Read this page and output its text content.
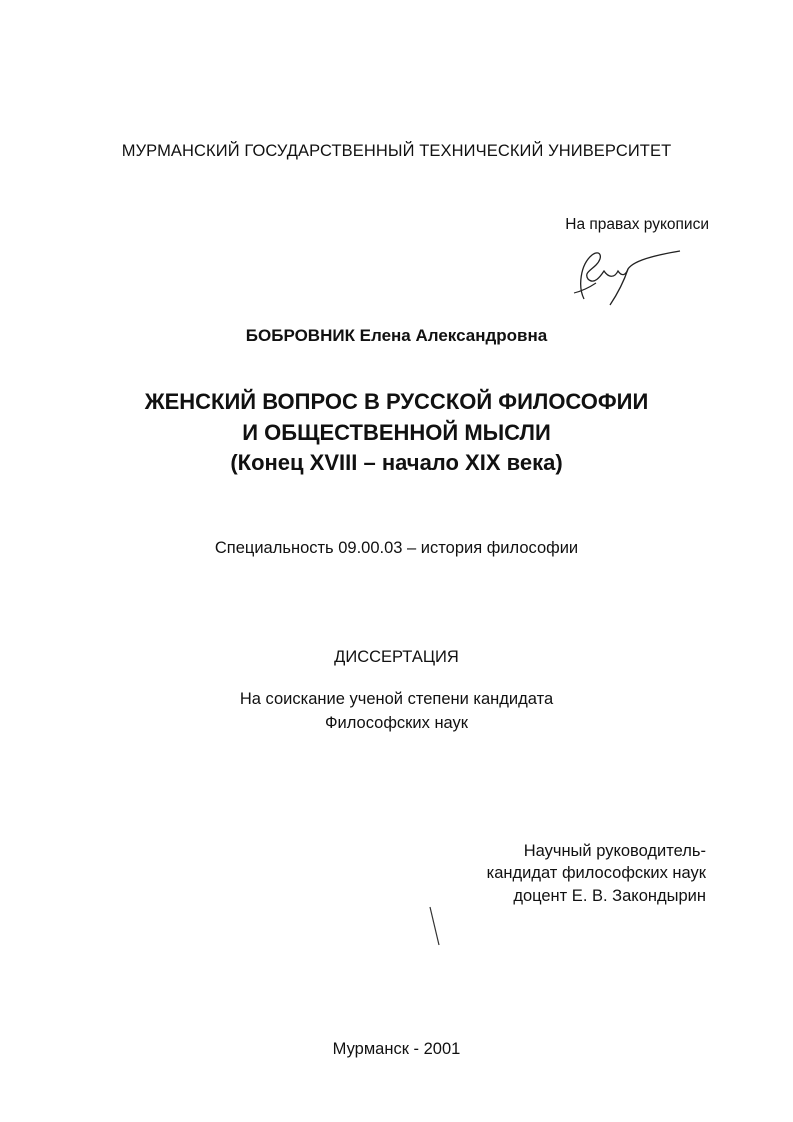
МУРМАНСКИЙ ГОСУДАРСТВЕННЫЙ ТЕХНИЧЕСКИЙ УНИВЕРСИТЕТ
На правах рукописи
БОБРОВНИК Елена Александровна
ЖЕНСКИЙ ВОПРОС В РУССКОЙ ФИЛОСОФИИ
И ОБЩЕСТВЕННОЙ МЫСЛИ
(Конец XVIII – начало XIX века)
Специальность 09.00.03 – история философии
ДИССЕРТАЦИЯ
На соискание ученой степени кандидата
Философских наук
Научный руководитель-
кандидат философских наук
доцент Е. В. Закондырин
Мурманск - 2001
